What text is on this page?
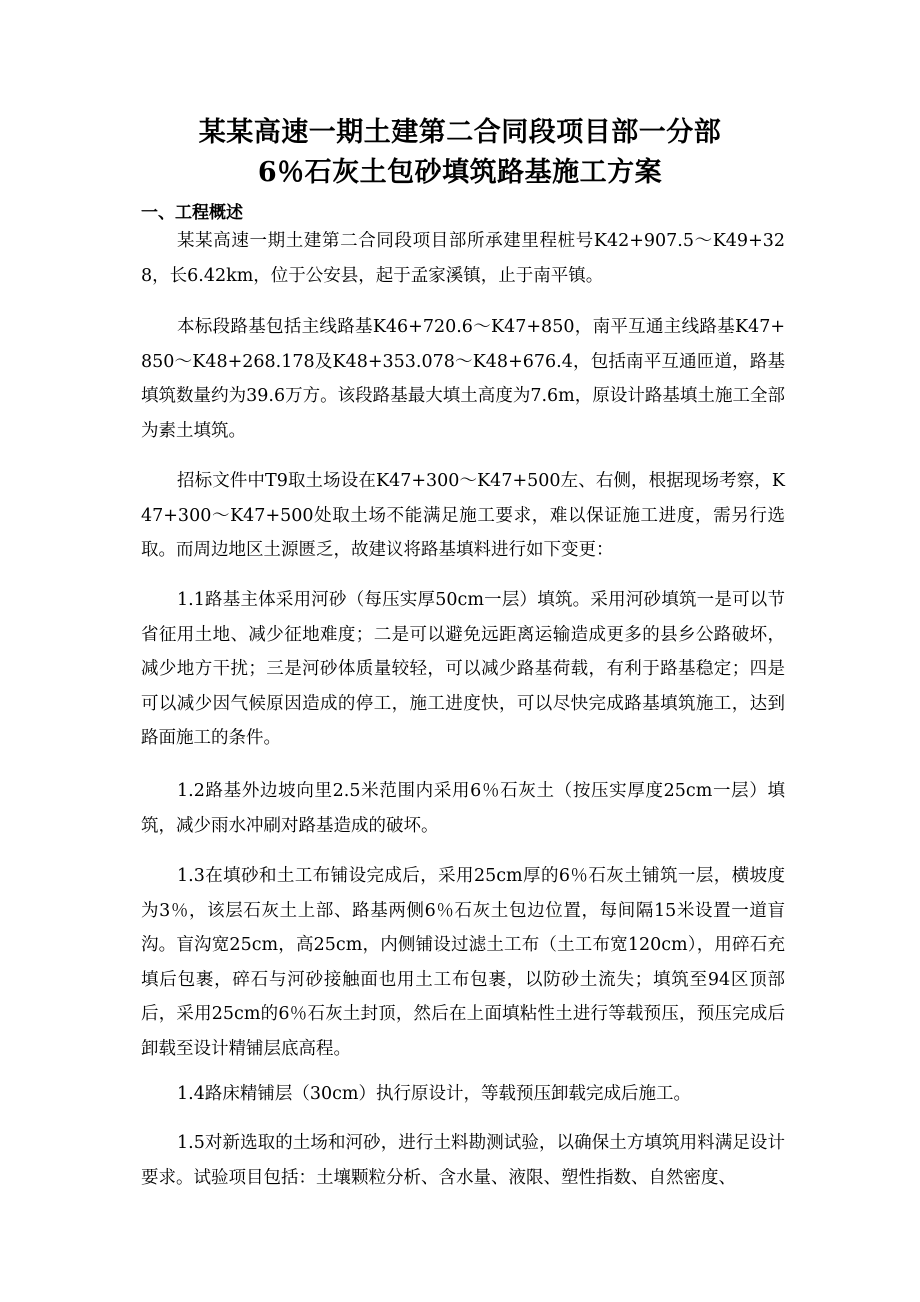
某某高速一期土建第二合同段项目部一分部
6％石灰土包砂填筑路基施工方案
一、工程概述

某某高速一期土建第二合同段项目部所承建里程桩号K42+907.5～K49+328，长6.42km，位于公安县，起于孟家溪镇，止于南平镇。

本标段路基包括主线路基K46+720.6～K47+850，南平互通主线路基K47+850～K48+268.178及K48+353.078～K48+676.4，包括南平互通匝道，路基填筑数量约为39.6万方。该段路基最大填土高度为7.6m，原设计路基填土施工全部为素土填筑。

招标文件中T9取土场设在K47+300～K47+500左、右侧，根据现场考察，K47+300～K47+500处取土场不能满足施工要求，难以保证施工进度，需另行选取。而周边地区土源匮乏，故建议将路基填料进行如下变更：

1.1路基主体采用河砂（每压实厚50cm一层）填筑。采用河砂填筑一是可以节省征用土地、减少征地难度；二是可以避免远距离运输造成更多的县乡公路破坏，减少地方干扰；三是河砂体质量较轻，可以减少路基荷载，有利于路基稳定；四是可以减少因气候原因造成的停工，施工进度快，可以尽快完成路基填筑施工，达到路面施工的条件。

1.2路基外边坡向里2.5米范围内采用6％石灰土（按压实厚度25cm一层）填筑，减少雨水冲刷对路基造成的破坏。

1.3在填砂和土工布铺设完成后，采用25cm厚的6％石灰土铺筑一层，横坡度为3％，该层石灰土上部、路基两侧6％石灰土包边位置，每间隔15米设置一道盲沟。盲沟宽25cm，高25cm，内侧铺设过滤土工布（土工布宽120cm），用碎石充填后包裹，碎石与河砂接触面也用土工布包裹，以防砂土流失；填筑至94区顶部后，采用25cm的6％石灰土封顶，然后在上面填粘性土进行等载预压，预压完成后卸载至设计精铺层底高程。

1.4路床精铺层（30cm）执行原设计，等载预压卸载完成后施工。

1.5对新选取的土场和河砂，进行土料勘测试验，以确保土方填筑用料满足设计要求。试验项目包括：土壤颗粒分析、含水量、液限、塑性指数、自然密度、
